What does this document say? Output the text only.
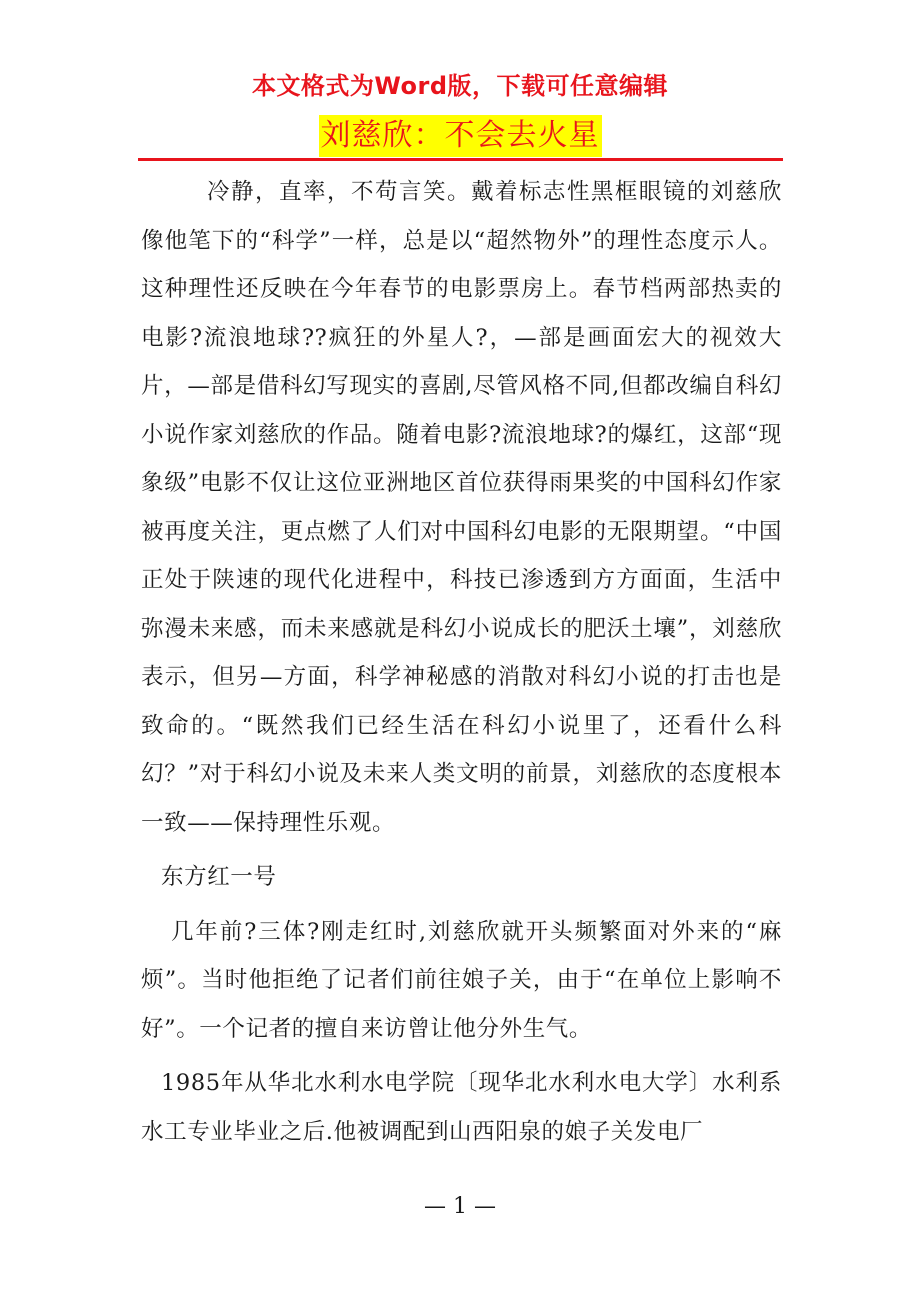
本文格式为Word版，下载可任意编辑
刘慈欣：不会去火星

冷静，直率，不苟言笑。戴着标志性黑框眼镜的刘慈欣像他笔下的“科学”一样，总是以“超然物外”的理性态度示人。这种理性还反映在今年春节的电影票房上。春节档两部热卖的电影?流浪地球??疯狂的外星人?，—部是画面宏大的视效大片，—部是借科幻写现实的喜剧,尽管风格不同,但都改编自科幻小说作家刘慈欣的作品。随着电影?流浪地球?的爆红，这部“现象级”电影不仅让这位亚洲地区首位获得雨果奖的中国科幻作家被再度关注，更点燃了人们对中国科幻电影的无限期望。“中国正处于陕速的现代化进程中，科技已渗透到方方面面，生活中弥漫未来感，而未来感就是科幻小说成长的肥沃土壤”，刘慈欣表示，但另—方面，科学神秘感的消散对科幻小说的打击也是致命的。“既然我们已经生活在科幻小说里了，还看什么科幻？”对于科幻小说及未来人类文明的前景，刘慈欣的态度根本一致——保持理性乐观。

东方红一号

几年前?三体?刚走红时,刘慈欣就开头频繁面对外来的“麻烦”。当时他拒绝了记者们前往娘子关，由于“在单位上影响不好”。一个记者的擅自来访曾让他分外生气。

1985年从华北水利水电学院〔现华北水利水电大学〕水利系水工专业毕业之后.他被调配到山西阳泉的娘子关发电厂

— 1 —
